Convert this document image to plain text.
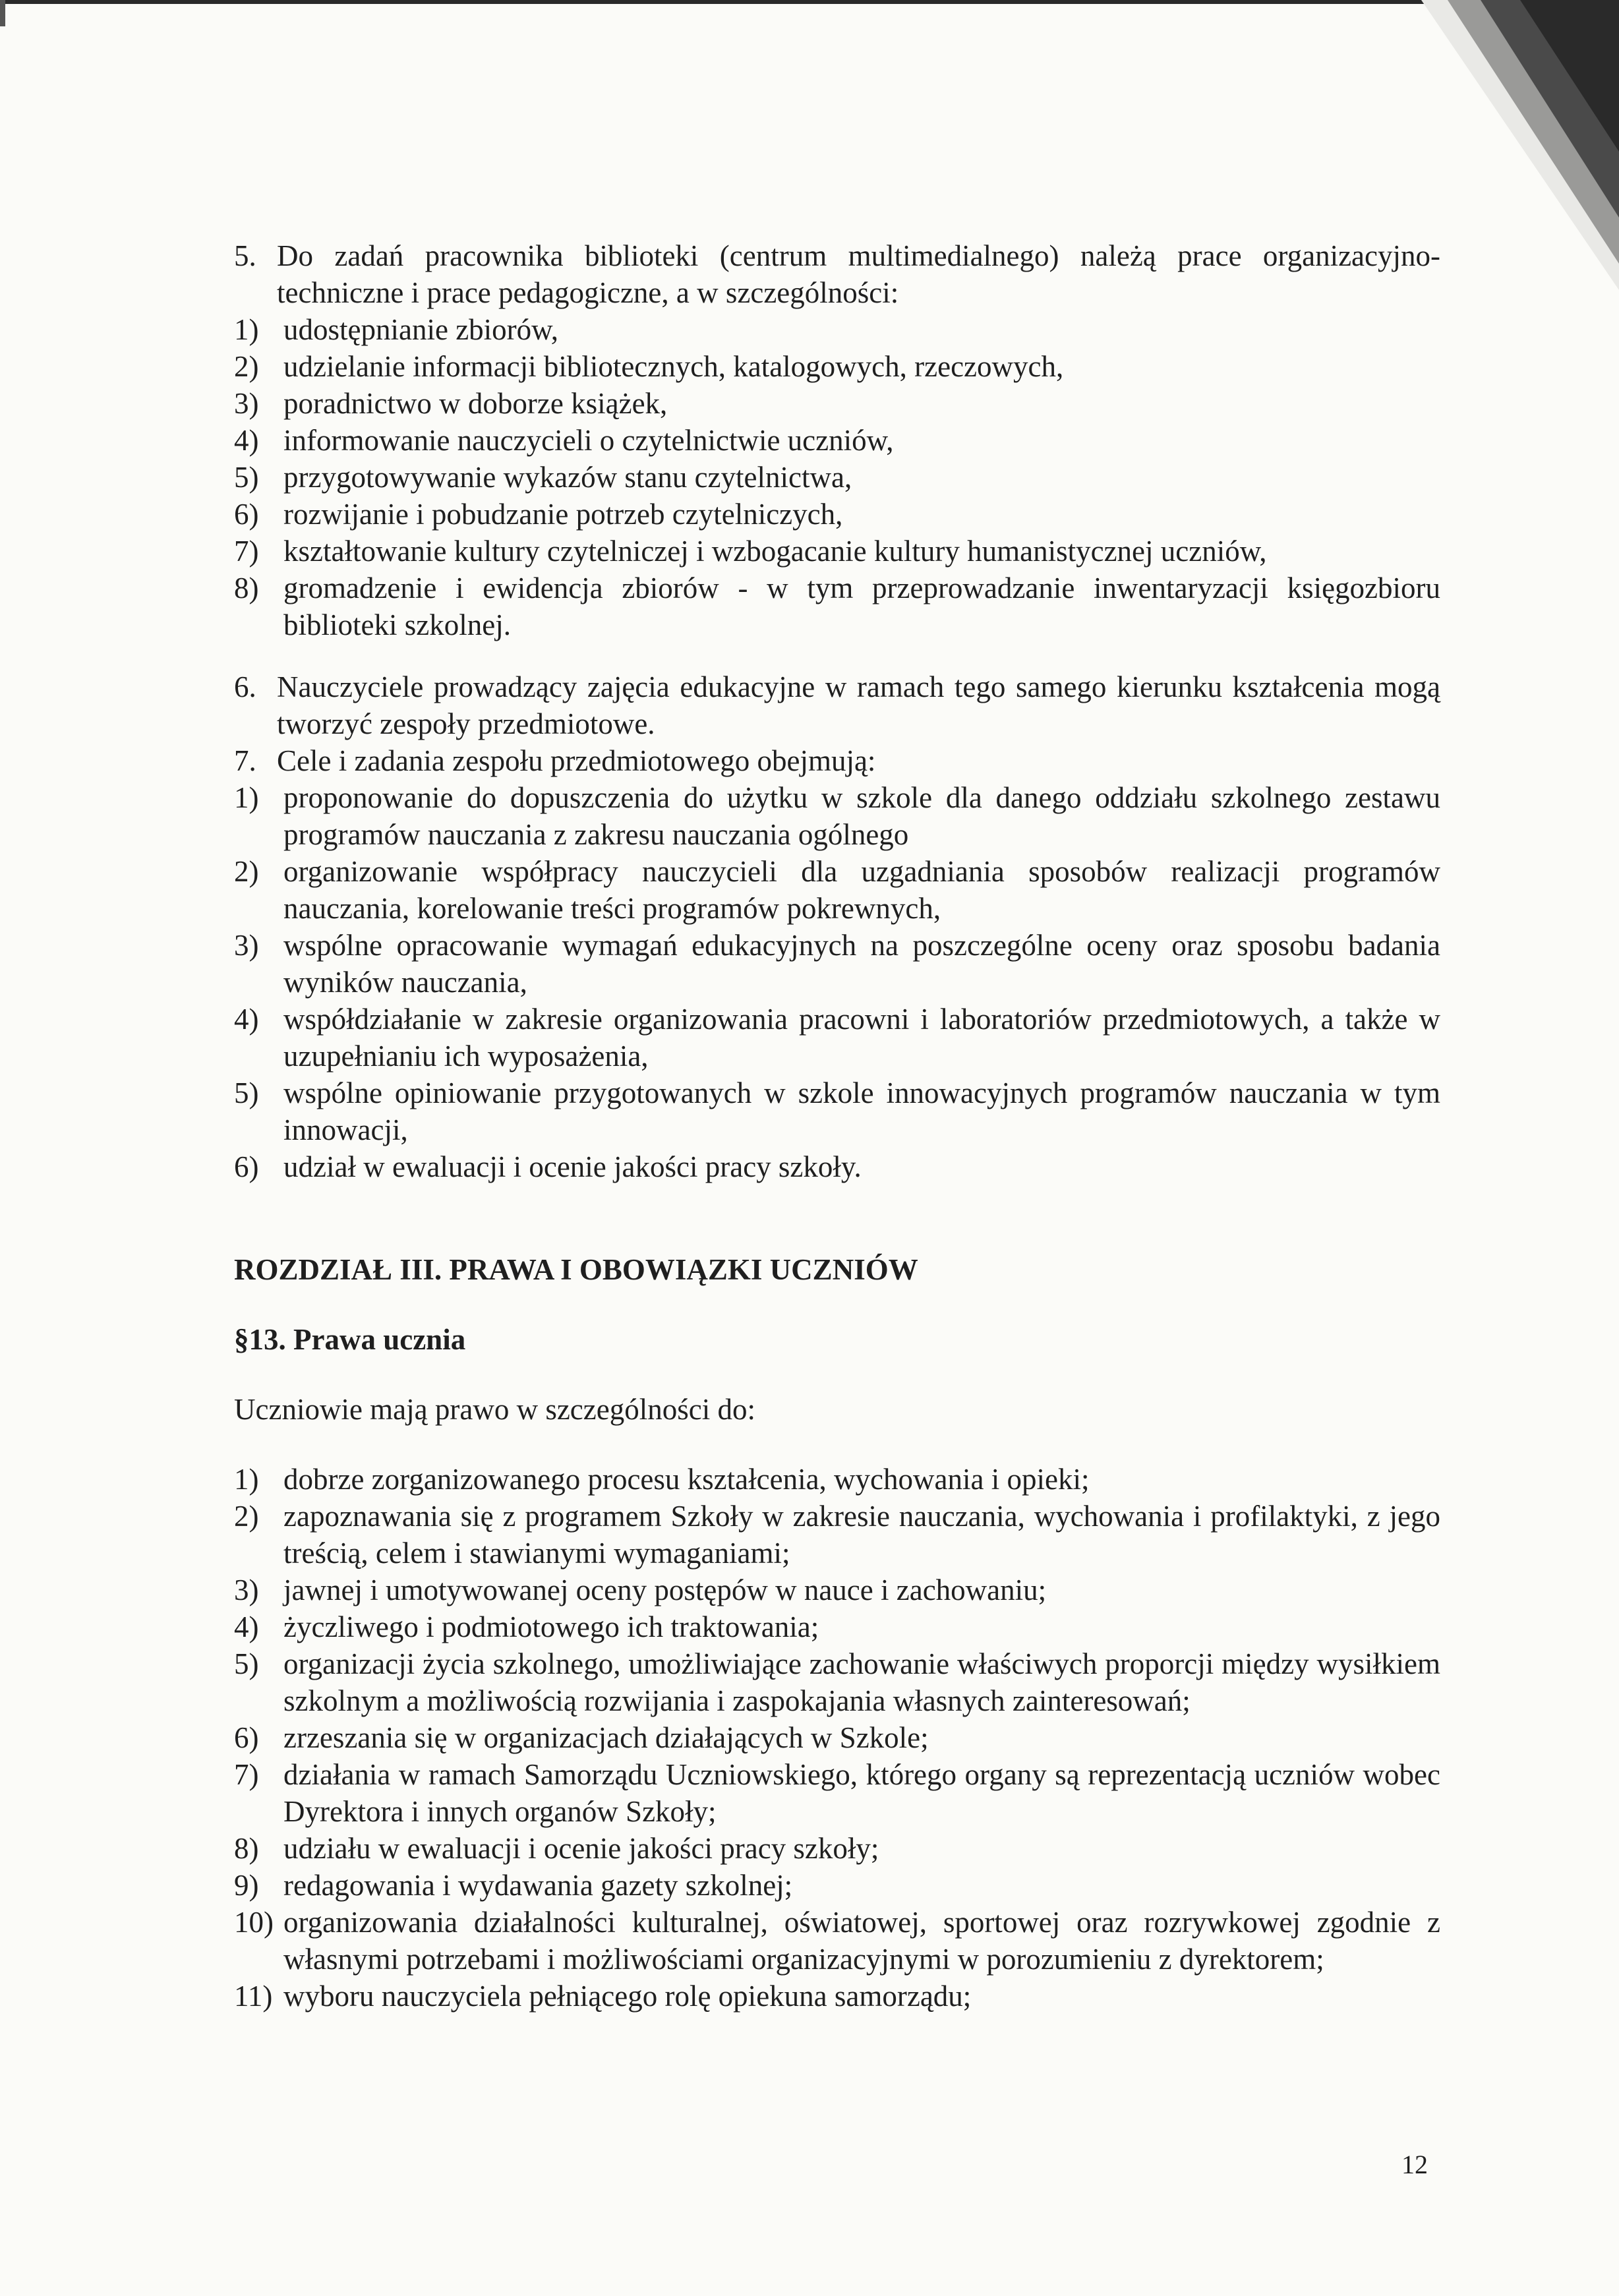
5. Do zadań pracownika biblioteki (centrum multimedialnego) należą prace organizacyjno-techniczne i prace pedagogiczne, a w szczególności:
1) udostępnianie zbiorów,
2) udzielanie informacji bibliotecznych, katalogowych, rzeczowych,
3) poradnictwo w doborze książek,
4) informowanie nauczycieli o czytelnictwie uczniów,
5) przygotowywanie wykazów stanu czytelnictwa,
6) rozwijanie i pobudzanie potrzeb czytelniczych,
7) kształtowanie kultury czytelniczej i wzbogacanie kultury humanistycznej uczniów,
8) gromadzenie i ewidencja zbiorów - w tym przeprowadzanie inwentaryzacji księgozbioru biblioteki szkolnej.
6. Nauczyciele prowadzący zajęcia edukacyjne w ramach tego samego kierunku kształcenia mogą tworzyć zespoły przedmiotowe.
7. Cele i zadania zespołu przedmiotowego obejmują:
1) proponowanie do dopuszczenia do użytku w szkole dla danego oddziału szkolnego zestawu programów nauczania z zakresu nauczania ogólnego
2) organizowanie współpracy nauczycieli dla uzgadniania sposobów realizacji programów nauczania, korelowanie treści programów pokrewnych,
3) wspólne opracowanie wymagań edukacyjnych na poszczególne oceny oraz sposobu badania wyników nauczania,
4) współdziałanie w zakresie organizowania pracowni i laboratoriów przedmiotowych, a także w uzupełnianiu ich wyposażenia,
5) wspólne opiniowanie przygotowanych w szkole innowacyjnych programów nauczania w tym innowacji,
6) udział w ewaluacji i ocenie jakości pracy szkoły.

ROZDZIAŁ III. PRAWA I OBOWIĄZKI UCZNIÓW

§13. Prawa ucznia

Uczniowie mają prawo w szczególności do:

1) dobrze zorganizowanego procesu kształcenia, wychowania i opieki;
2) zapoznawania się z programem Szkoły w zakresie nauczania, wychowania i profilaktyki, z jego treścią, celem i stawianymi wymaganiami;
3) jawnej i umotywowanej oceny postępów w nauce i zachowaniu;
4) życzliwego i podmiotowego ich traktowania;
5) organizacji życia szkolnego, umożliwiające zachowanie właściwych proporcji między wysiłkiem szkolnym a możliwością rozwijania i zaspokajania własnych zainteresowań;
6) zrzeszania się w organizacjach działających w Szkole;
7) działania w ramach Samorządu Uczniowskiego, którego organy są reprezentacją uczniów wobec Dyrektora i innych organów Szkoły;
8) udziału w ewaluacji i ocenie jakości pracy szkoły;
9) redagowania i wydawania gazety szkolnej;
10) organizowania działalności kulturalnej, oświatowej, sportowej oraz rozrywkowej zgodnie z własnymi potrzebami i możliwościami organizacyjnymi w porozumieniu z dyrektorem;
11) wyboru nauczyciela pełniącego rolę opiekuna samorządu;
12
